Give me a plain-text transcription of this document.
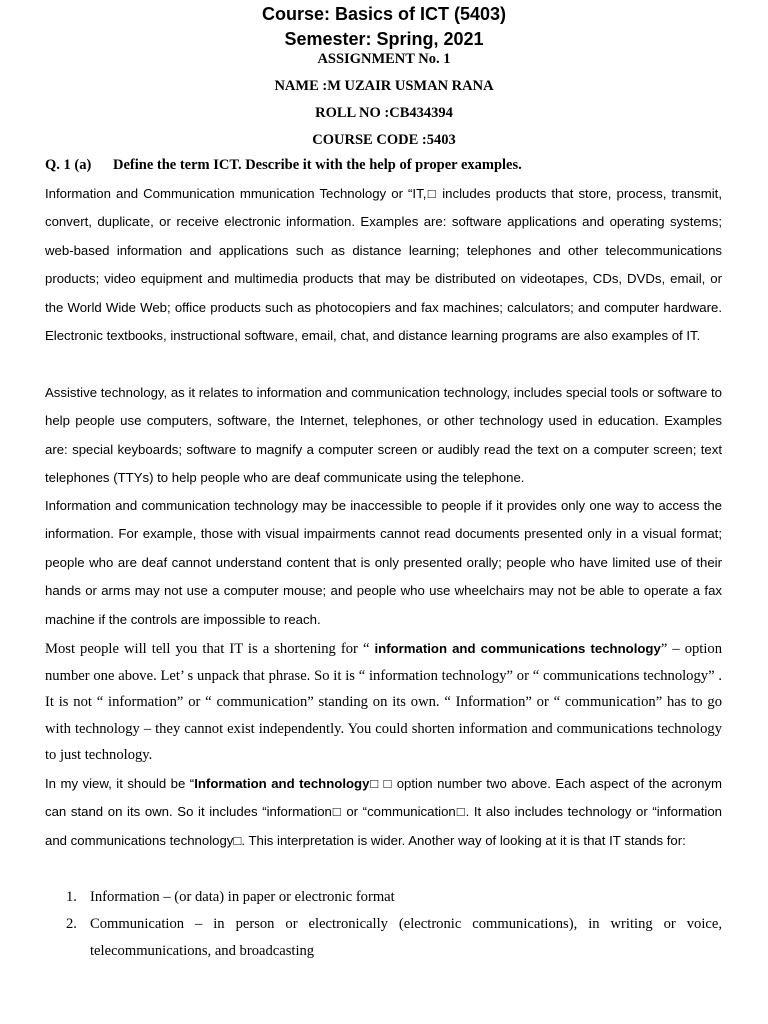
Course: Basics of ICT (5403)
Semester: Spring, 2021
ASSIGNMENT No. 1
NAME :M UZAIR USMAN RANA
ROLL NO :CB434394
COURSE CODE :5403
Q. 1 (a) Define the term ICT. Describe it with the help of proper examples.

Information and Communication mmunication Technology or “IT,□ includes products that store, process, transmit, convert, duplicate, or receive electronic information. Examples are: software applications and operating systems; web-based information and applications such as distance learning; telephones and other telecommunications products; video equipment and multimedia products that may be distributed on videotapes, CDs, DVDs, email, or the World Wide Web; office products such as photocopiers and fax machines; calculators; and computer hardware. Electronic textbooks, instructional software, email, chat, and distance learning programs are also examples of IT.

Assistive technology, as it relates to information and communication technology, includes special tools or software to help people use computers, software, the Internet, telephones, or other technology used in education. Examples are: special keyboards; software to magnify a computer screen or audibly read the text on a computer screen; text telephones (TTYs) to help people who are deaf communicate using the telephone.

Information and communication technology may be inaccessible to people if it provides only one way to access the information. For example, those with visual impairments cannot read documents presented only in a visual format; people who are deaf cannot understand content that is only presented orally; people who have limited use of their hands or arms may not use a computer mouse; and people who use wheelchairs may not be able to operate a fax machine if the controls are impossible to reach.

Most people will tell you that IT is a shortening for “ information and communications technology” – option number one above. Let’ s unpack that phrase. So it is “ information technology” or “ communications technology” . It is not “ information” or “ communication” standing on its own. “ Information” or “ communication” has to go with technology – they cannot exist independently. You could shorten information and communications technology to just technology.

In my view, it should be “Information and technology□ □ option number two above. Each aspect of the acronym can stand on its own. So it includes “information□ or “communication□. It also includes technology or “information and communications technology□. This interpretation is wider. Another way of looking at it is that IT stands for:

1. Information – (or data) in paper or electronic format
2. Communication – in person or electronically (electronic communications), in writing or voice, telecommunications, and broadcasting
